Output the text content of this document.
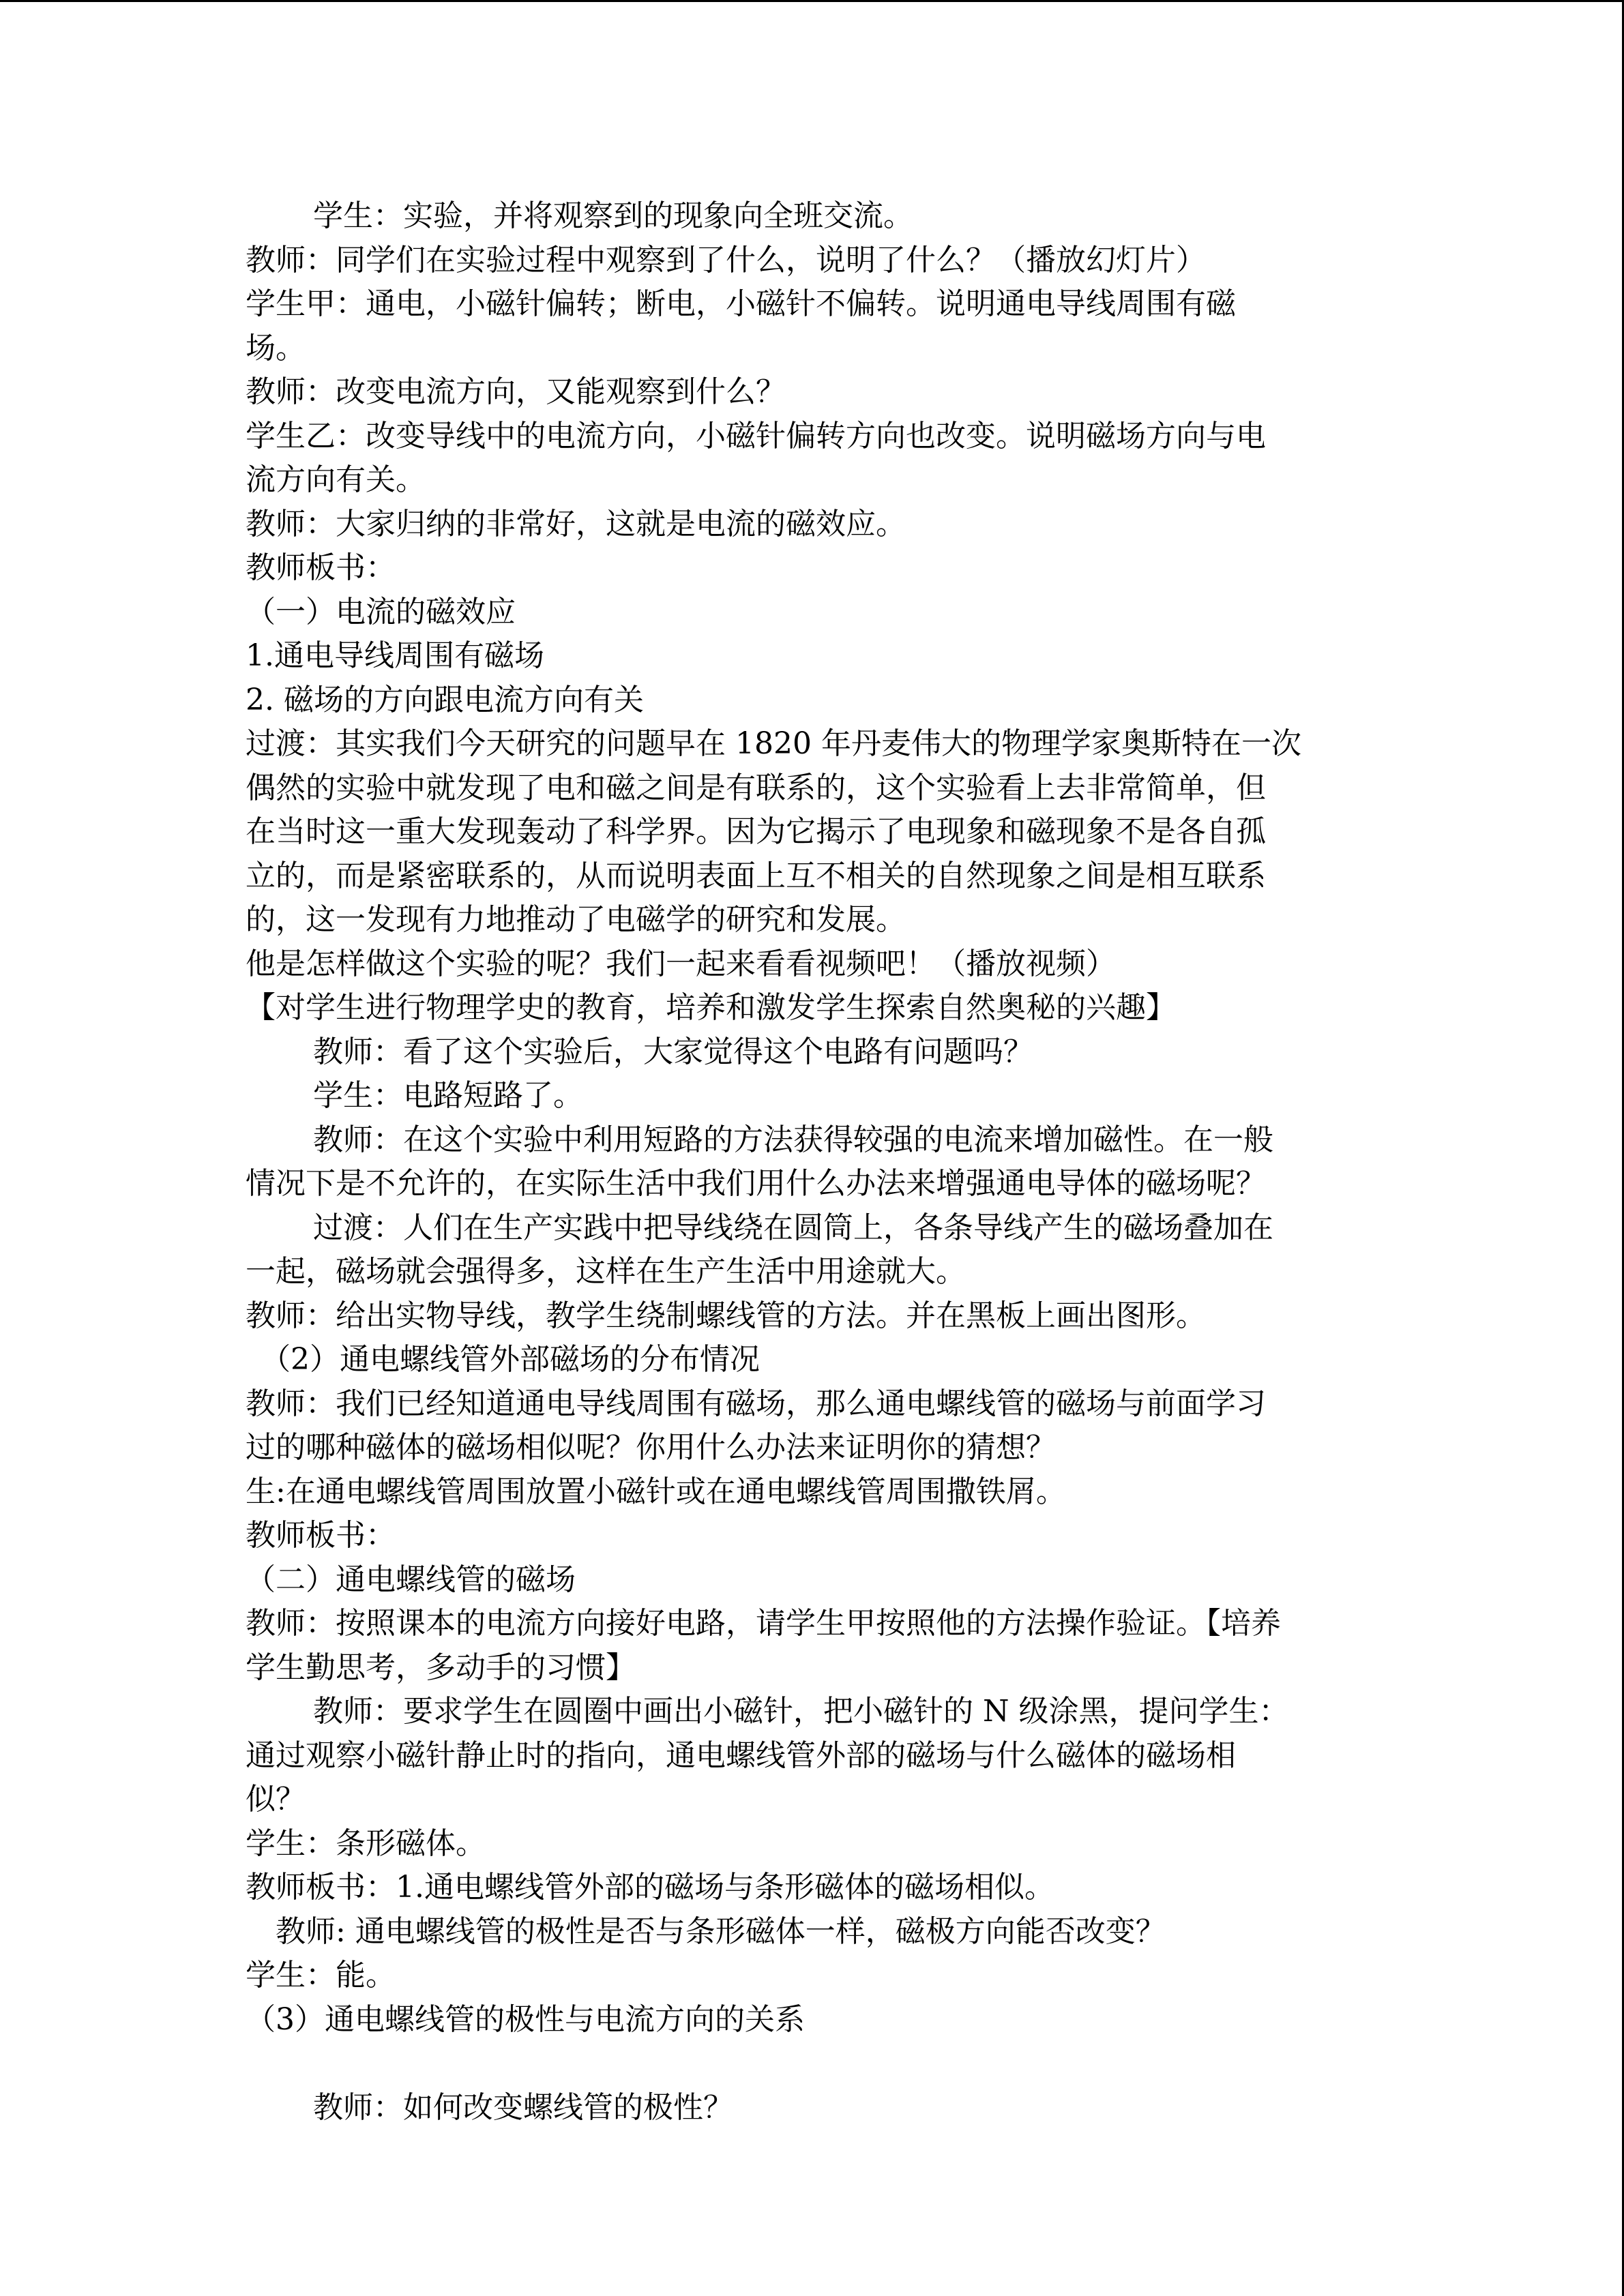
学生：实验，并将观察到的现象向全班交流。
教师：同学们在实验过程中观察到了什么，说明了什么？（播放幻灯片）
学生甲：通电，小磁针偏转；断电，小磁针不偏转。说明通电导线周围有磁
场。
教师：改变电流方向，又能观察到什么？
学生乙：改变导线中的电流方向，小磁针偏转方向也改变。说明磁场方向与电
流方向有关。
教师：大家归纳的非常好，这就是电流的磁效应。
教师板书：
（一）电流的磁效应
1.通电导线周围有磁场
2. 磁场的方向跟电流方向有关
过渡：其实我们今天研究的问题早在 1820 年丹麦伟大的物理学家奥斯特在一次
偶然的实验中就发现了电和磁之间是有联系的，这个实验看上去非常简单，但
在当时这一重大发现轰动了科学界。因为它揭示了电现象和磁现象不是各自孤
立的，而是紧密联系的，从而说明表面上互不相关的自然现象之间是相互联系
的，这一发现有力地推动了电磁学的研究和发展。
他是怎样做这个实验的呢？我们一起来看看视频吧！（播放视频）
【对学生进行物理学史的教育，培养和激发学生探索自然奥秘的兴趣】
教师：看了这个实验后，大家觉得这个电路有问题吗？
学生：电路短路了。
教师：在这个实验中利用短路的方法获得较强的电流来增加磁性。在一般
情况下是不允许的，在实际生活中我们用什么办法来增强通电导体的磁场呢？
过渡：人们在生产实践中把导线绕在圆筒上，各条导线产生的磁场叠加在
一起，磁场就会强得多，这样在生产生活中用途就大。
教师：给出实物导线，教学生绕制螺线管的方法。并在黑板上画出图形。
（2）通电螺线管外部磁场的分布情况
教师：我们已经知道通电导线周围有磁场，那么通电螺线管的磁场与前面学习
过的哪种磁体的磁场相似呢？你用什么办法来证明你的猜想？
生:在通电螺线管周围放置小磁针或在通电螺线管周围撒铁屑。
教师板书：
（二）通电螺线管的磁场
教师：按照课本的电流方向接好电路，请学生甲按照他的方法操作验证。【培养
学生勤思考，多动手的习惯】
教师：要求学生在圆圈中画出小磁针，把小磁针的 N 级涂黑，提问学生：
通过观察小磁针静止时的指向，通电螺线管外部的磁场与什么磁体的磁场相
似？
学生：条形磁体。
教师板书：1.通电螺线管外部的磁场与条形磁体的磁场相似。
教师: 通电螺线管的极性是否与条形磁体一样，磁极方向能否改变？
学生：能。
（3）通电螺线管的极性与电流方向的关系
教师：如何改变螺线管的极性？
